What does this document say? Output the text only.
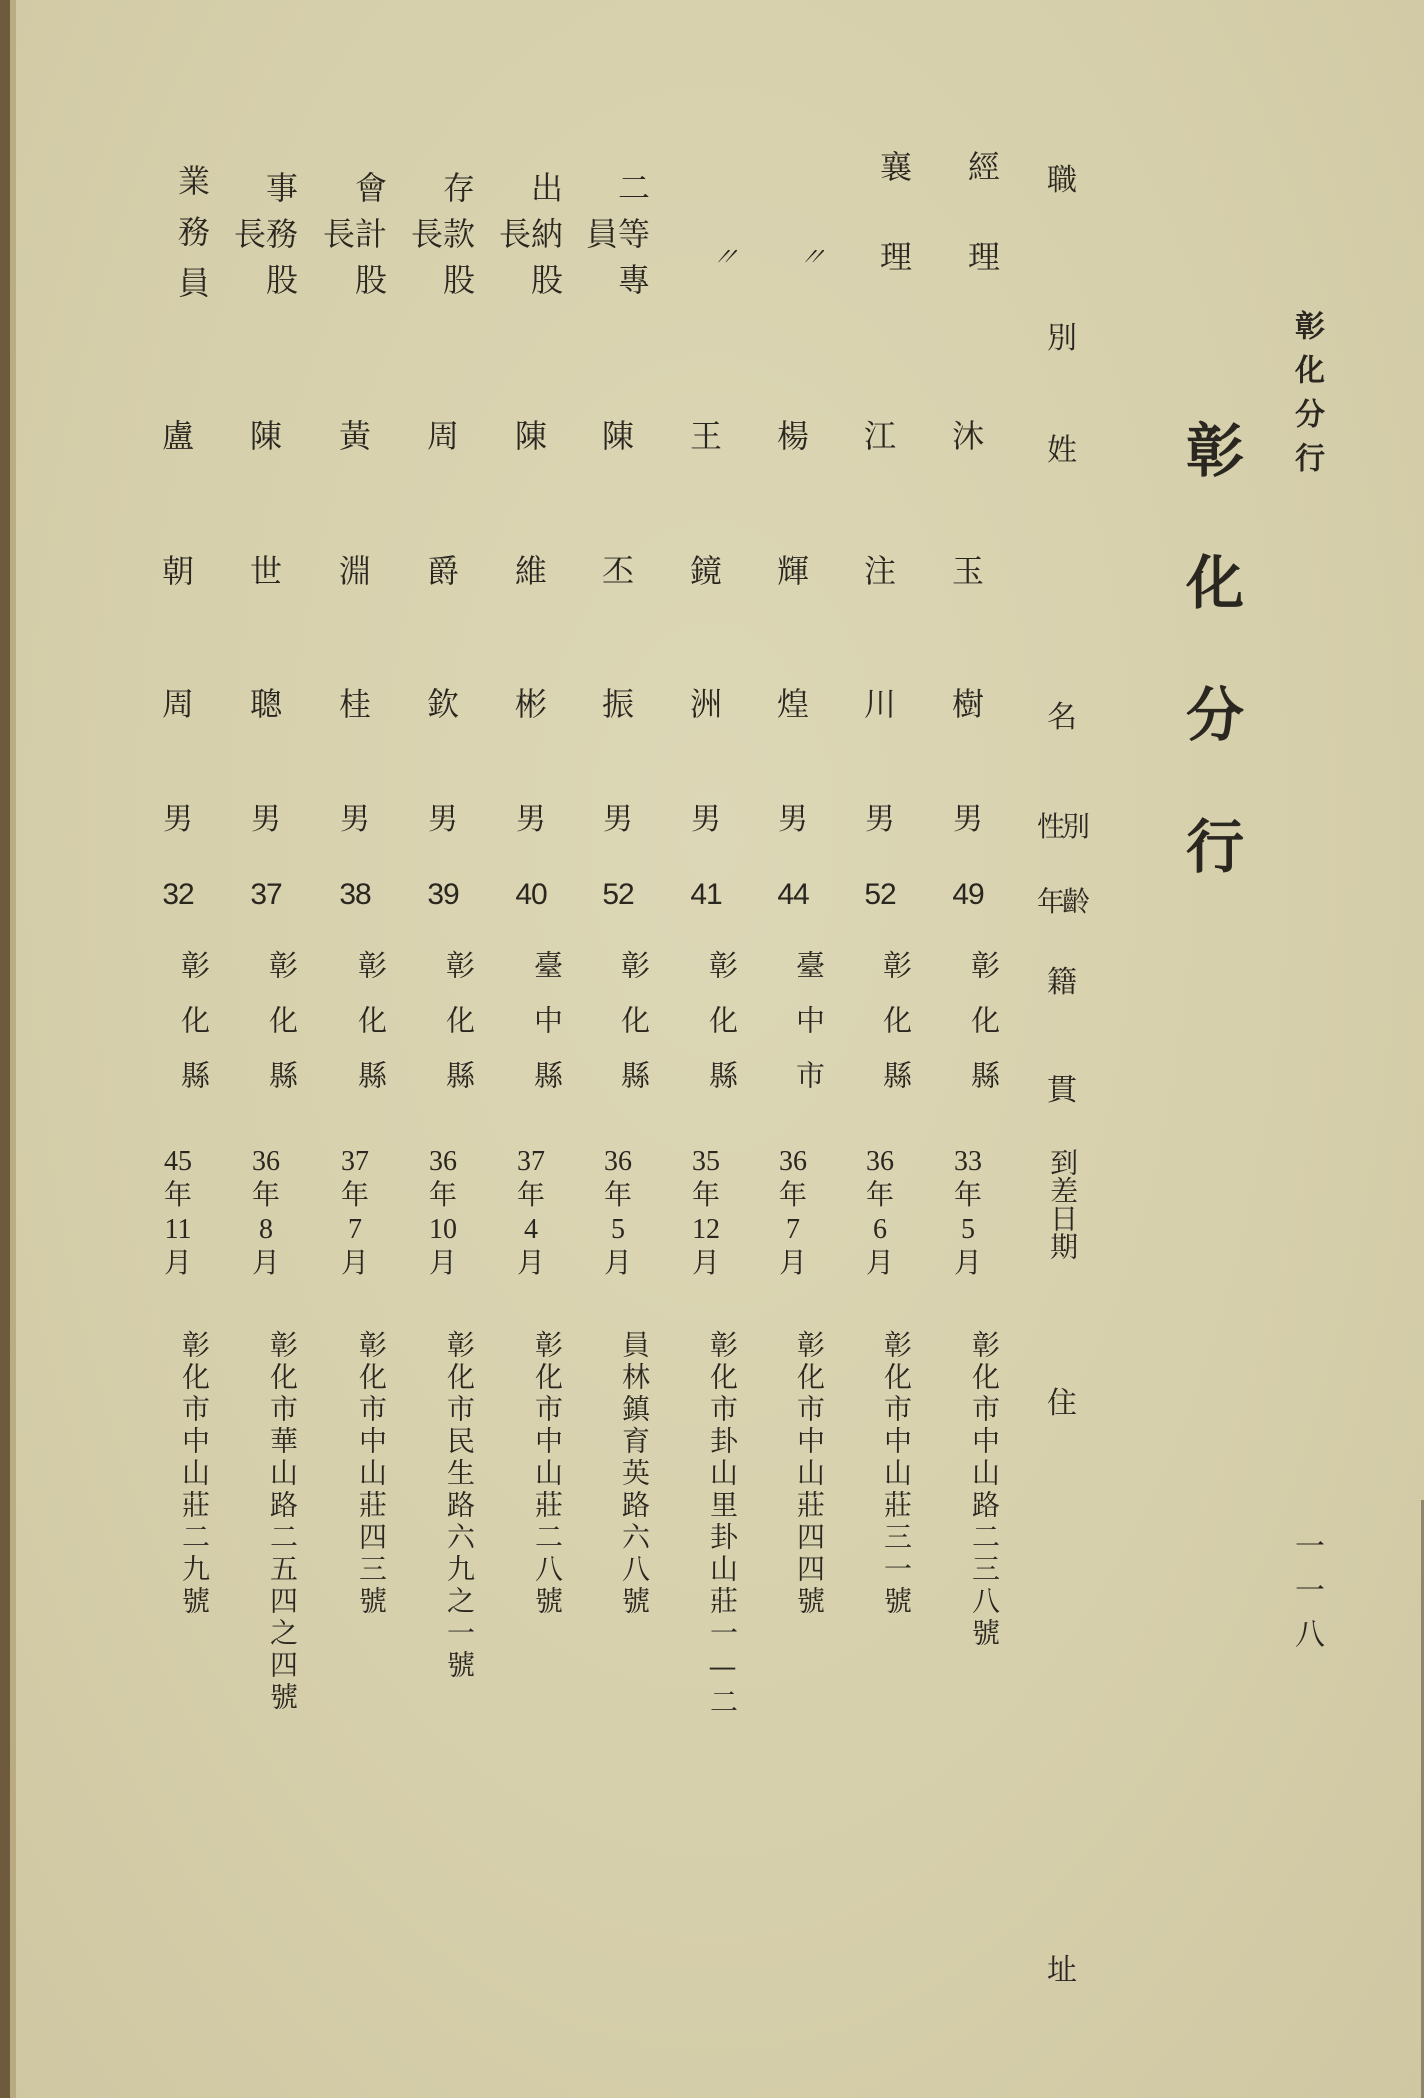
彰化分行
一一八
彰化分行
職
別
姓
名
性別
年齡
籍
貫
到差日期
住
址
經理
沐
玉
樹
男
49
彰化縣
33
年
5
月
彰化市中山路二三八號
襄理
江
注
川
男
52
彰化縣
36
年
6
月
彰化市中山莊三一號
〃
楊
輝
煌
男
44
臺中市
36
年
7
月
彰化市中山莊四四號
〃
王
鏡
洲
男
41
彰化縣
35
年
12
月
彰化市卦山里卦山莊一—二
二等專員
陳
丕
振
男
52
彰化縣
36
年
5
月
員林鎮育英路六八號
出納股長
陳
維
彬
男
40
臺中縣
37
年
4
月
彰化市中山莊二八號
存款股長
周
爵
欽
男
39
彰化縣
36
年
10
月
彰化市民生路六九之一號
會計股長
黃
淵
桂
男
38
彰化縣
37
年
7
月
彰化市中山莊四三號
事務股長
陳
世
聰
男
37
彰化縣
36
年
8
月
彰化市華山路二五四之四號
業務員
盧
朝
周
男
32
彰化縣
45
年
11
月
彰化市中山莊二九號
